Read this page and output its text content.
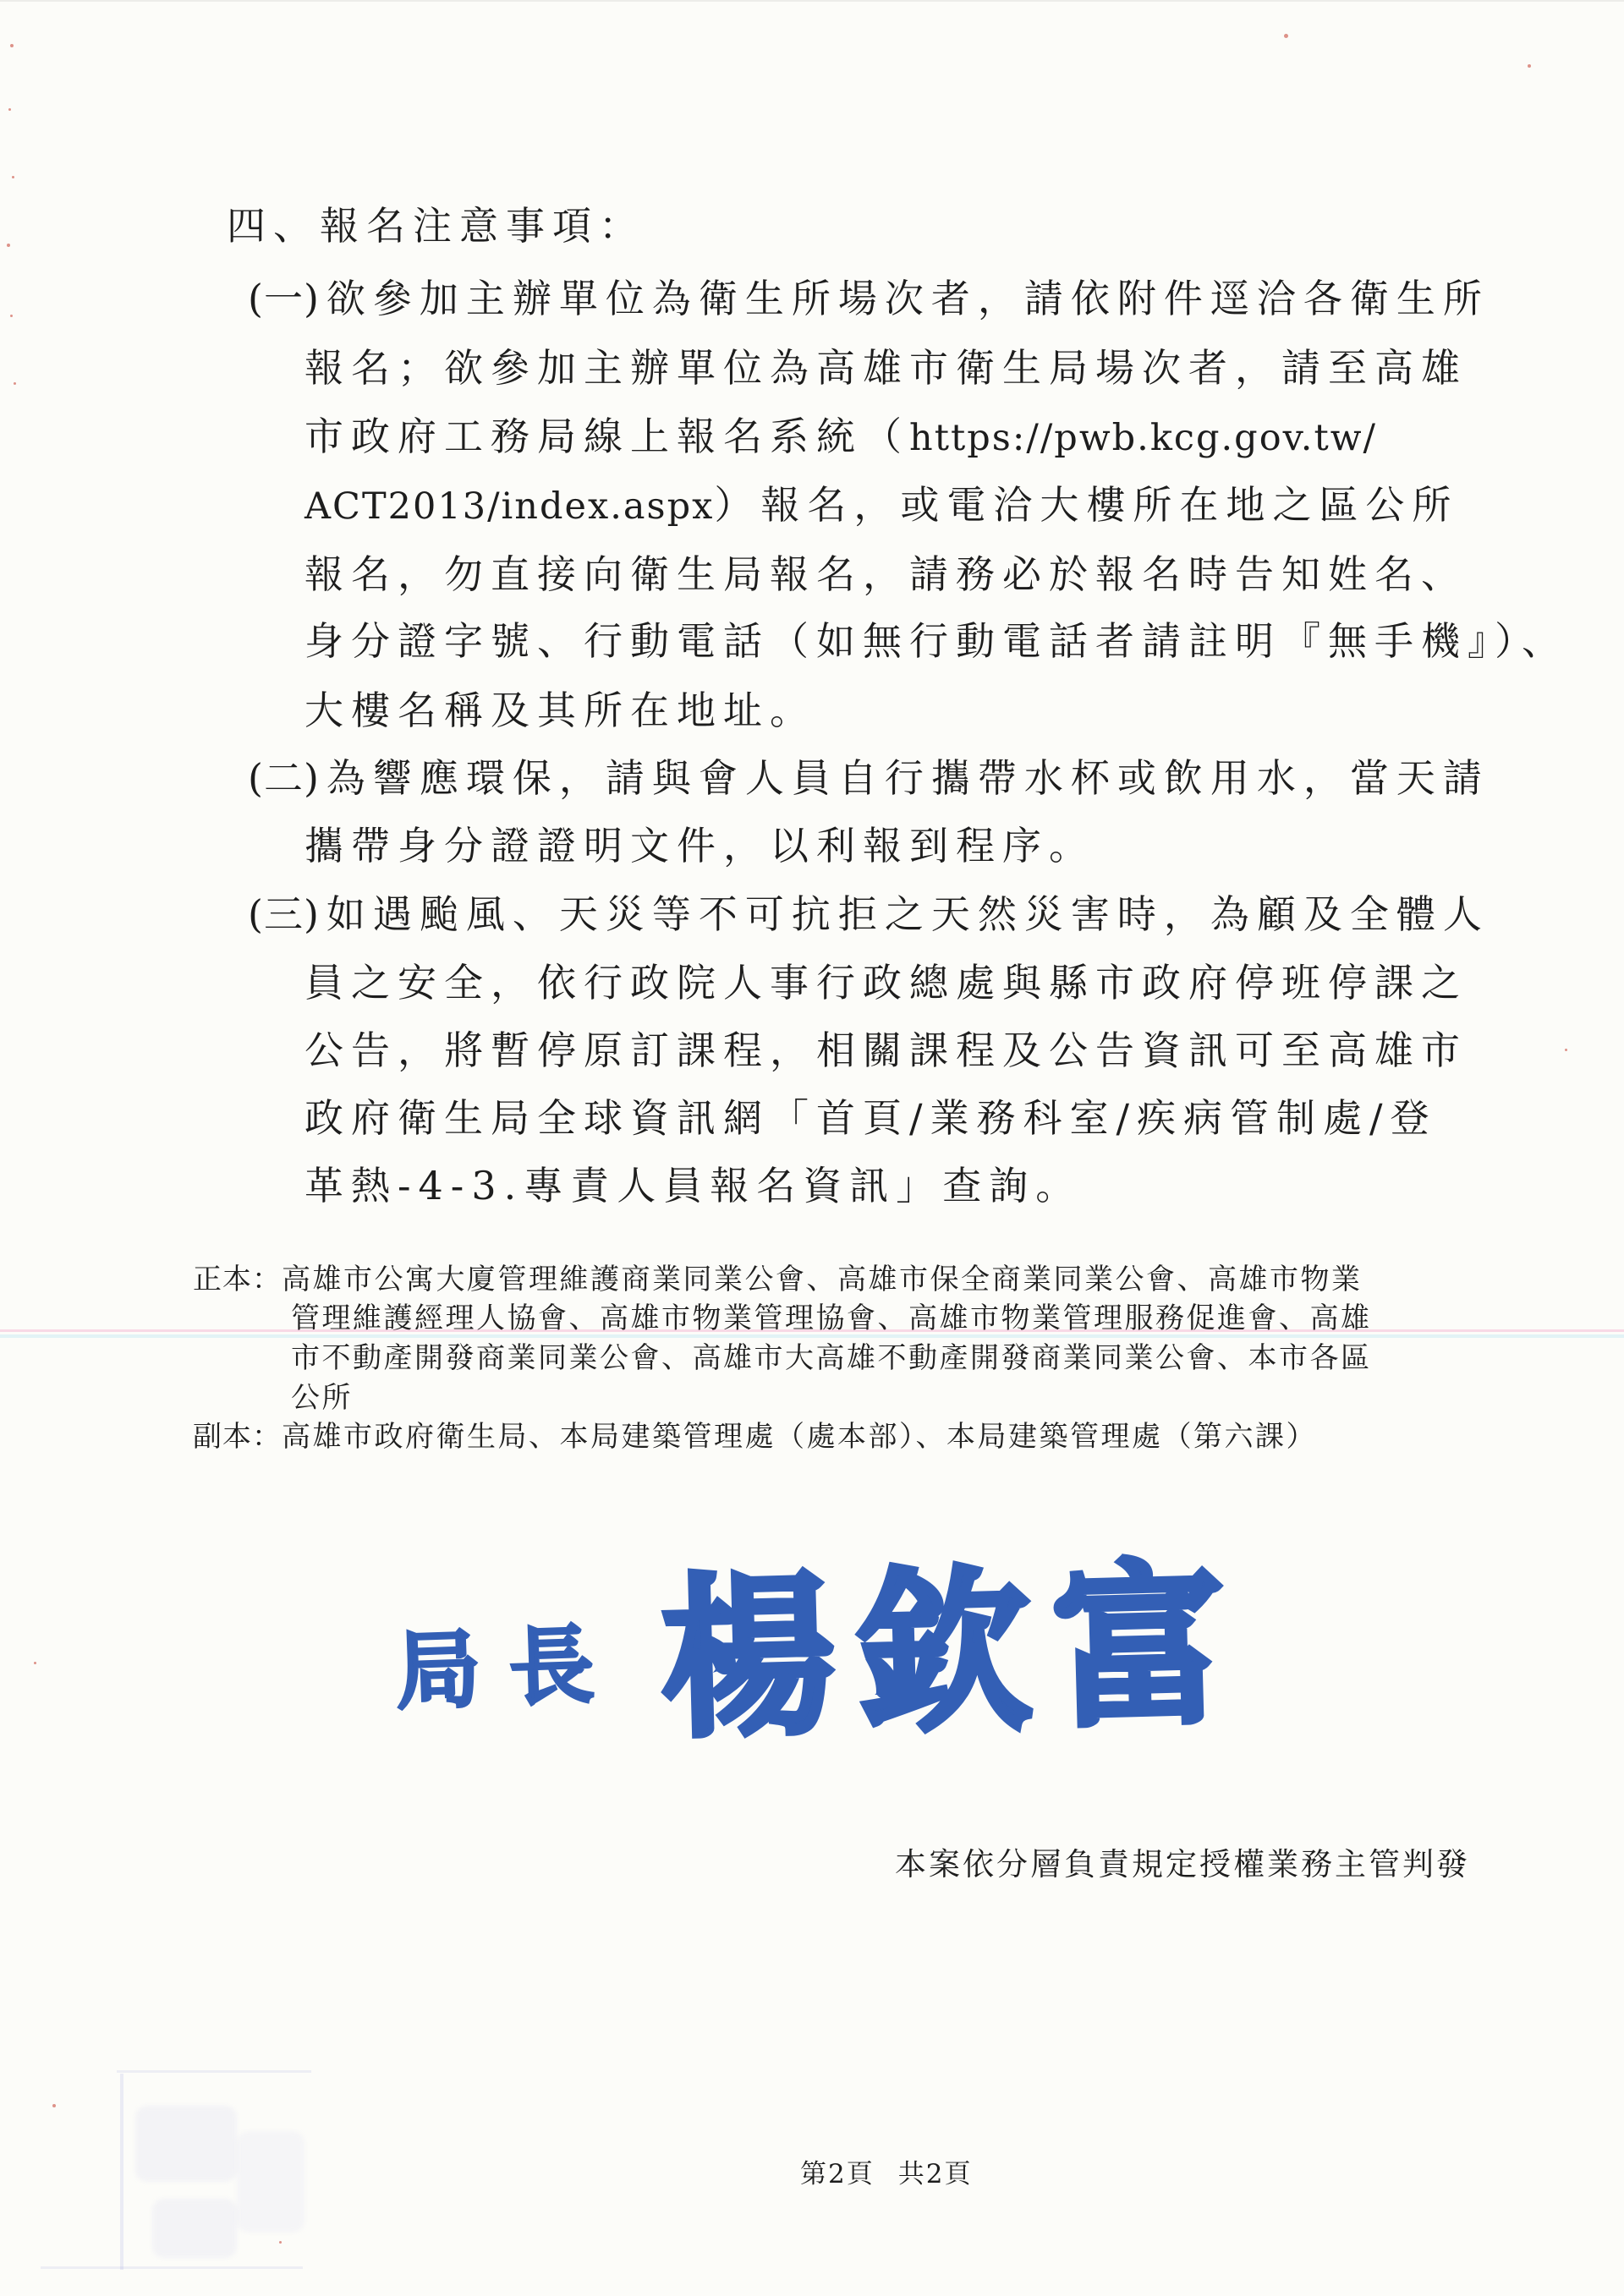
四、報名注意事項：
(一) 欲參加主辦單位為衛生所場次者，請依附件逕洽各衛生所
報名；欲參加主辦單位為高雄市衛生局場次者，請至高雄
市政府工務局線上報名系統（https://pwb.kcg.gov.tw/
ACT2013/index.aspx）報名，或電洽大樓所在地之區公所
報名，勿直接向衛生局報名，請務必於報名時告知姓名、
身分證字號、行動電話（如無行動電話者請註明『無手機』）、
大樓名稱及其所在地址。
(二) 為響應環保，請與會人員自行攜帶水杯或飲用水，當天請
攜帶身分證證明文件，以利報到程序。
(三) 如遇颱風、天災等不可抗拒之天然災害時，為顧及全體人
員之安全，依行政院人事行政總處與縣市政府停班停課之
公告，將暫停原訂課程，相關課程及公告資訊可至高雄市
政府衛生局全球資訊網「首頁/業務科室/疾病管制處/登
革熱-4-3.專責人員報名資訊」查詢。
正本：高雄市公寓大廈管理維護商業同業公會、高雄市保全商業同業公會、高雄市物業
管理維護經理人協會、高雄市物業管理協會、高雄市物業管理服務促進會、高雄
市不動產開發商業同業公會、高雄市大高雄不動產開發商業同業公會、本市各區
公所
副本：高雄市政府衛生局、本局建築管理處（處本部）、本局建築管理處（第六課）
局長 楊欽富
本案依分層負責規定授權業務主管判發
第2頁 共2頁
